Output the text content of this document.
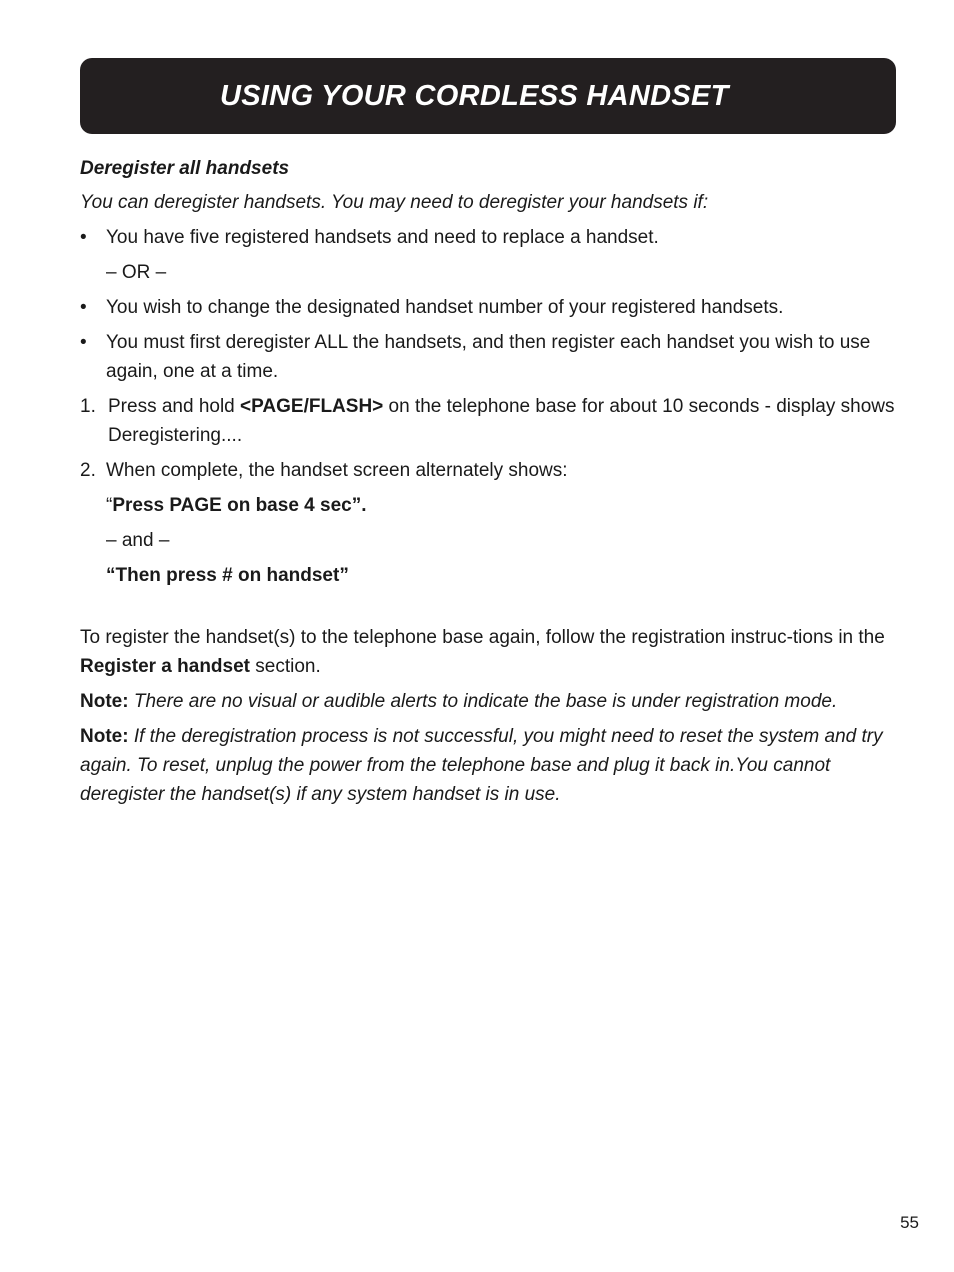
USING YOUR CORDLESS HANDSET

Deregister all handsets

You can deregister handsets. You may need to deregister your handsets if:

•	You have five registered handsets and need to replace a handset.

– OR –

•	You wish to change the designated handset number of your registered handsets.
•	You must first deregister ALL the handsets, and then register each handset you wish to use again, one at a time.
1. Press and hold <PAGE/FLASH> on the telephone base for about 10 seconds - display shows Deregistering....
2. When complete, the handset screen alternately shows:

“Press PAGE on base 4 sec”.

– and –

“Then press # on handset”

To register the handset(s) to the telephone base again, follow the registration instruc-tions in the Register a handset section.

Note: There are no visual or audible alerts to indicate the base is under registration mode.

Note: If the deregistration process is not successful, you might need to reset the system and try again. To reset, unplug the power from the telephone base and plug it back in.You cannot deregister the handset(s) if any system handset is in use.

55
